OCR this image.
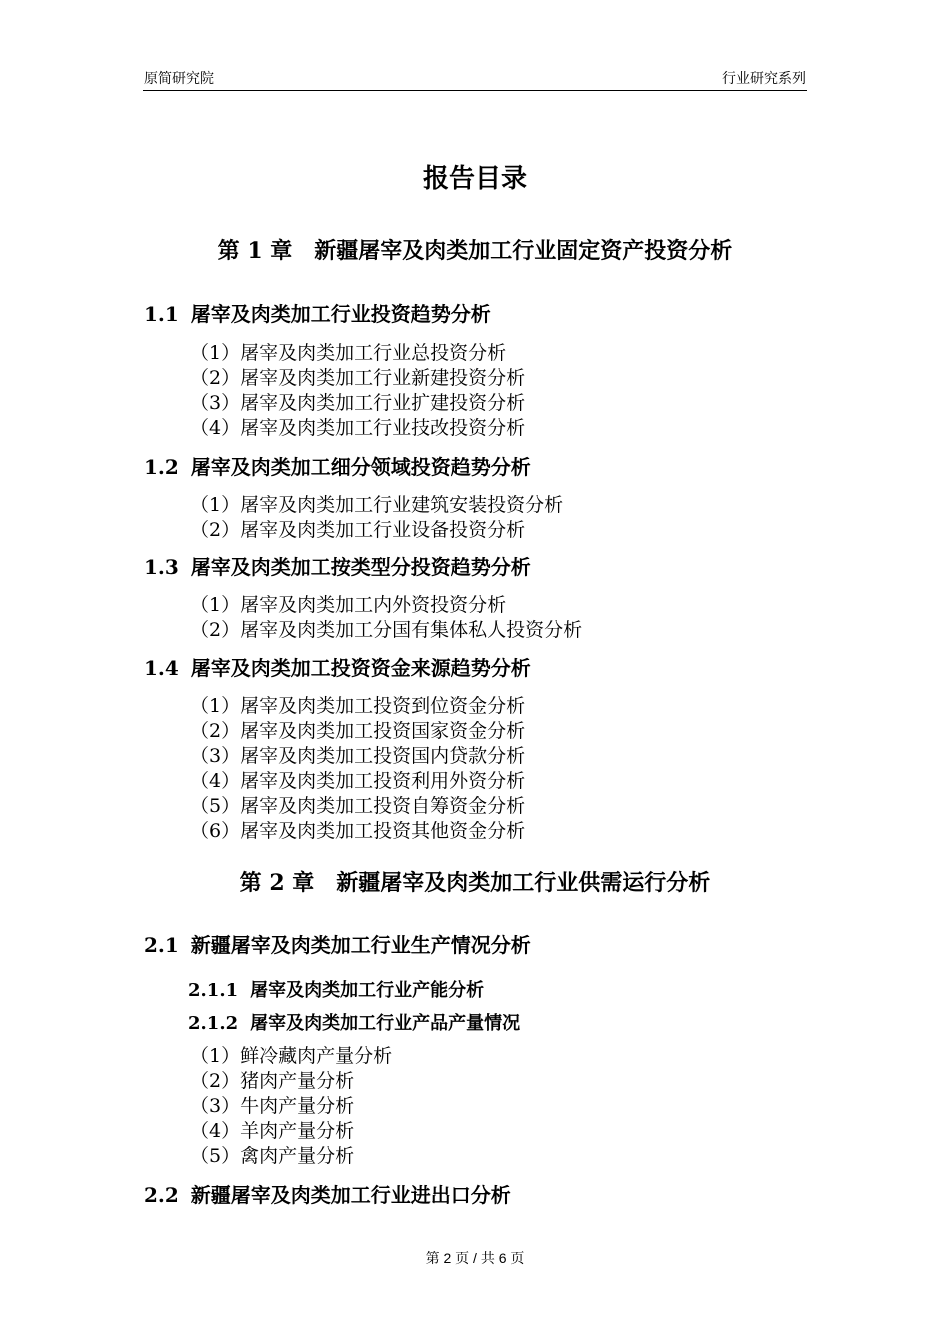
原简研究院	行业研究系列
报告目录
第 1 章　新疆屠宰及肉类加工行业固定资产投资分析
1.1 屠宰及肉类加工行业投资趋势分析
（1）屠宰及肉类加工行业总投资分析
（2）屠宰及肉类加工行业新建投资分析
（3）屠宰及肉类加工行业扩建投资分析
（4）屠宰及肉类加工行业技改投资分析
1.2 屠宰及肉类加工细分领域投资趋势分析
（1）屠宰及肉类加工行业建筑安装投资分析
（2）屠宰及肉类加工行业设备投资分析
1.3 屠宰及肉类加工按类型分投资趋势分析
（1）屠宰及肉类加工内外资投资分析
（2）屠宰及肉类加工分国有集体私人投资分析
1.4 屠宰及肉类加工投资资金来源趋势分析
（1）屠宰及肉类加工投资到位资金分析
（2）屠宰及肉类加工投资国家资金分析
（3）屠宰及肉类加工投资国内贷款分析
（4）屠宰及肉类加工投资利用外资分析
（5）屠宰及肉类加工投资自筹资金分析
（6）屠宰及肉类加工投资其他资金分析
第 2 章　新疆屠宰及肉类加工行业供需运行分析
2.1 新疆屠宰及肉类加工行业生产情况分析
2.1.1 屠宰及肉类加工行业产能分析
2.1.2 屠宰及肉类加工行业产品产量情况
（1）鲜冷藏肉产量分析
（2）猪肉产量分析
（3）牛肉产量分析
（4）羊肉产量分析
（5）禽肉产量分析
2.2 新疆屠宰及肉类加工行业进出口分析
第 2 页 / 共 6 页
